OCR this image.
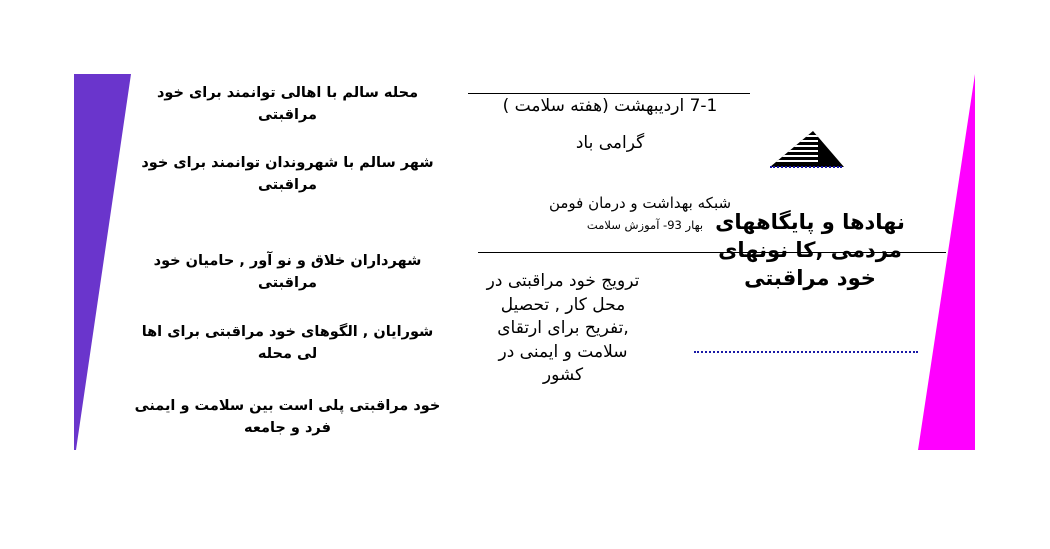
محله سالم با اهالی توانمند برای خود مراقبتی
شهر سالم با شهروندان توانمند برای خود مراقبتی
شهرداران خلاق و نو آور , حامیان خود مراقبتی
شورایان , الگوهای خود مراقبتی برای اها لی محله
خود مراقبتی پلی است بین سلامت و ایمنی فرد و جامعه
7-1 اردیبهشت (هفته سلامت )
گرامی باد
شبکه بهداشت و درمان فومن
بهار 93- آموزش سلامت
ترویج خود مراقبتی در محل کار , تحصیل ,تفریح برای ارتقای سلامت و ایمنی در کشور
نهادها و پایگاههای مردمی ,کا نونهای خود مراقبتی
